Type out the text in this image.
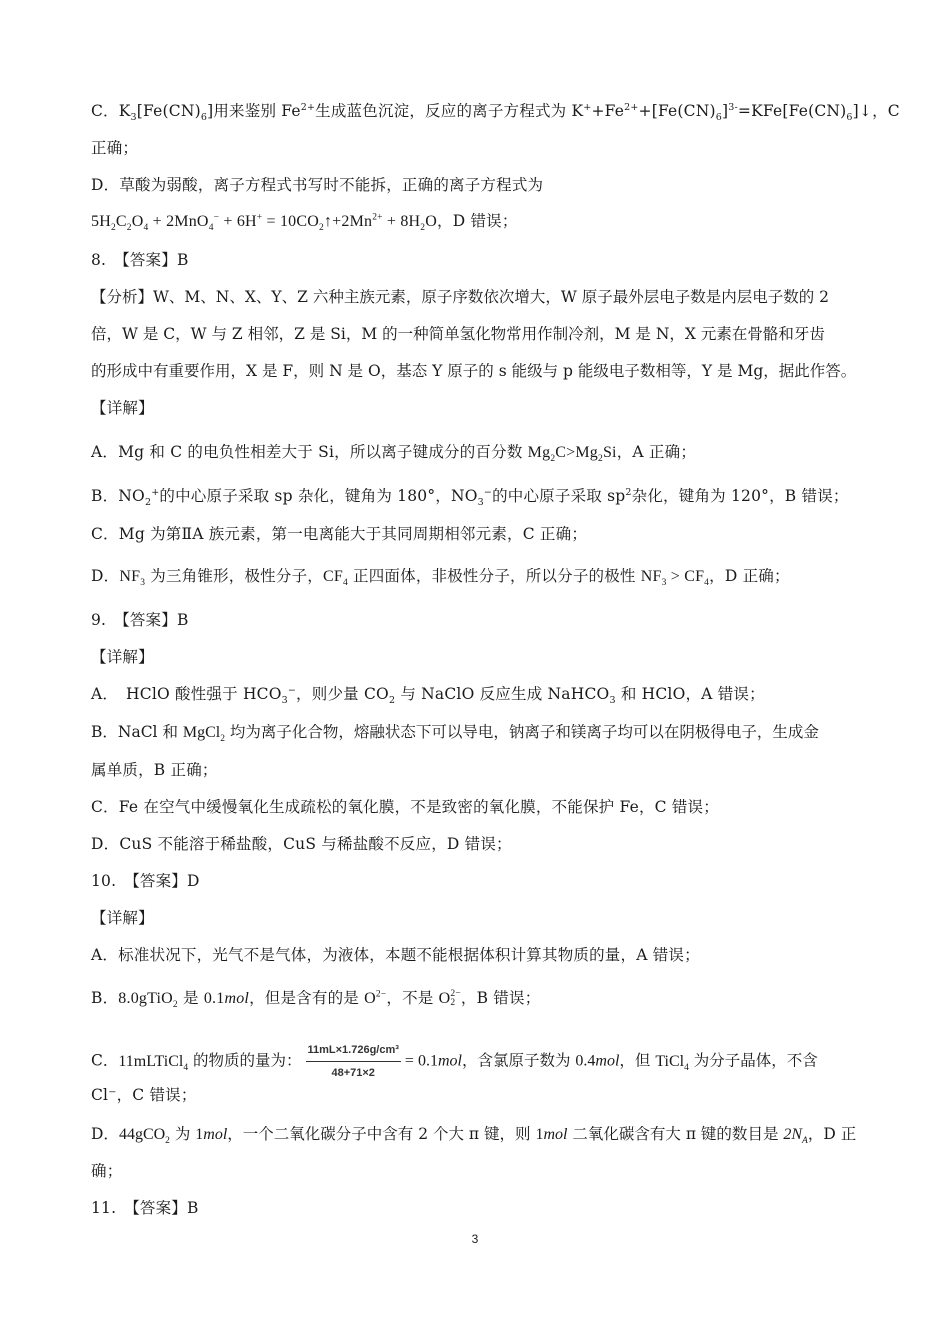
C．$K_3[Fe(CN)_6]$用来鉴别 $Fe^{2+}$生成蓝色沉淀，反应的离子方程式为 $K^++Fe^{2+}+[Fe(CN)_6]^{3-}=KFe[Fe(CN)_6]↓$，C
正确；
D．草酸为弱酸，离子方程式书写时不能拆，正确的离子方程式为
$5H_2C_2O_4 + 2MnO_4^- + 6H^+$ = $10CO_2↑+2Mn^{2+} + 8H_2O$，D 错误；
8.　【答案】B
【分析】W、M、N、X、Y、Z 六种主族元素，原子序数依次增大，W 原子最外层电子数是内层电子数的 2
倍，W 是 C，W 与 Z 相邻，Z 是 Si，M 的一种简单氢化物常用作制冷剂，M 是 N，X 元素在骨骼和牙齿
的形成中有重要作用，X 是 F，则 N 是 O，基态 Y 原子的 s 能级与 p 能级电子数相等，Y 是 Mg，据此作答。
【详解】
A．Mg 和 C 的电负性相差大于 Si，所以离子键成分的百分数 $Mg_2C>Mg_2Si$，A 正确；
B．$NO_2^+$的中心原子采取 sp 杂化，键角为 180°，$NO_3^-$的中心原子采取 $sp^2$杂化，键角为 120°，B 错误；
C．Mg 为第ⅡA 族元素，第一电离能大于其同周期相邻元素，C 正确；
D．$NF_3$ 为三角锥形，极性分子，$CF_4$ 正四面体，非极性分子，所以分子的极性 $NF_3 > CF_4$，D 正确；
9.　【答案】B
【详解】
A．　HClO 酸性强于 $HCO_3^-$，则少量 $CO_2$ 与 NaClO 反应生成 NaHCO$_3$ 和 HClO，A 错误；
B．NaCl 和 MgCl$_2$ 均为离子化合物，熔融状态下可以导电，钠离子和镁离子均可以在阴极得电子，生成金
属单质，B 正确；
C．Fe 在空气中缓慢氧化生成疏松的氧化膜，不是致密的氧化膜，不能保护 Fe，C 错误；
D．CuS 不能溶于稀盐酸，CuS 与稀盐酸不反应，D 错误；
10.　【答案】D
【详解】
A．标准状况下，光气不是气体，为液体，本题不能根据体积计算其物质的量，A 错误；
B．8.0gTiO$_2$ 是 0.1mol，但是含有的是 $O^{2-}$，不是 O 2−
2 ，B 错误；
C．11mLTiCl$_4$ 的物质的量为： $\frac{\text{11mL×1.726g/cm³}}{48+71\times 2} = 0.1mol$，含氯原子数为 0.4mol，但 TiCl$_4$ 为分子晶体，不含
Cl⁻，C 错误；
D．44gCO$_2$ 为 1mol，一个二氧化碳分子中含有 2 个大 π 键，则 1mol 二氧化碳含有大 π 键的数目是 $2N_A$，D 正
确；
11.　【答案】B
3
